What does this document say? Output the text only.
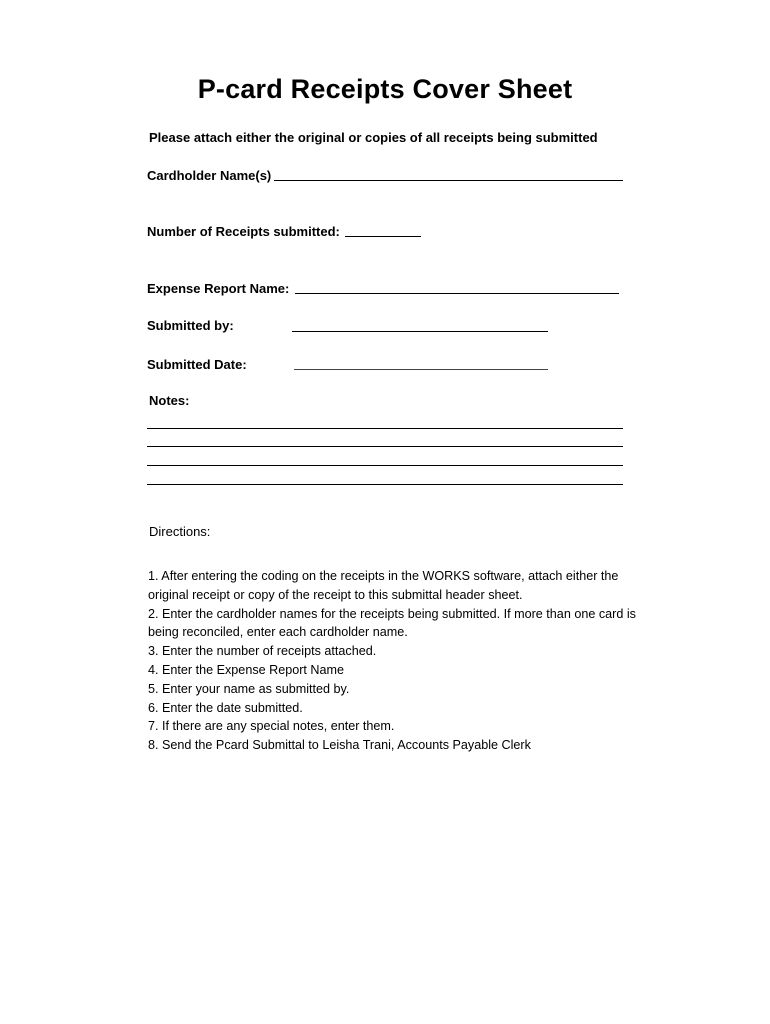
P-card Receipts Cover Sheet
Please attach either the original or copies of all receipts being submitted
Cardholder Name(s)
Number of Receipts submitted:
Expense Report Name:
Submitted by:
Submitted Date:
Notes:
Directions:
1. After entering the coding on the receipts in the WORKS software, attach either the original receipt or copy of the receipt to this submittal header sheet.
2. Enter the cardholder names for the receipts being submitted. If more than one card is being reconciled, enter each cardholder name.
3. Enter the number of receipts attached.
4. Enter the Expense Report Name
5. Enter your name as submitted by.
6. Enter the date submitted.
7. If there are any special notes, enter them.
8. Send the Pcard Submittal to Leisha Trani, Accounts Payable Clerk
